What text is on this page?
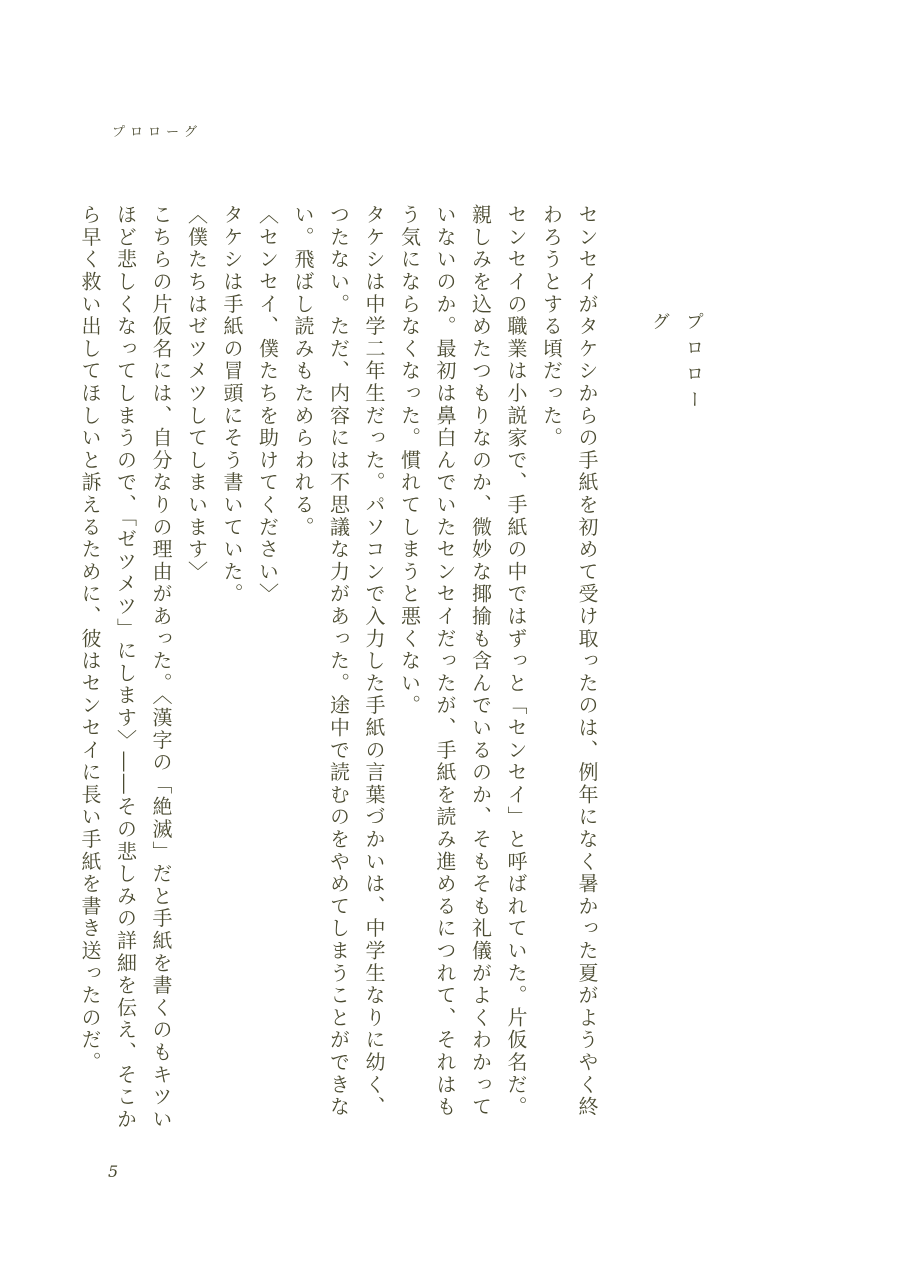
プロローグ
プロローグ

センセイがタケシからの手紙を初めて受け取ったのは、例年になく暑かった夏がようやく終わろうとする頃だった。

センセイの職業は小説家で、手紙の中ではずっと「センセイ」と呼ばれていた。片仮名だ。親しみを込めたつもりなのか、微妙な揶揄も含んでいるのか、そもそも礼儀がよくわかっていないのか。最初は鼻白んでいたセンセイだったが、手紙を読み進めるにつれて、それはもう気にならなくなった。慣れてしまうと悪くない。

タケシは中学二年生だった。パソコンで入力した手紙の言葉づかいは、中学生なりに幼く、つたない。ただ、内容には不思議な力があった。途中で読むのをやめてしまうことができない。飛ばし読みもためらわれる。

〈センセイ、僕たちを助けてください〉

タケシは手紙の冒頭にそう書いていた。

〈僕たちはゼツメツしてしまいます〉

こちらの片仮名には、自分なりの理由があった。〈漢字の「絶滅」だと手紙を書くのもキツいほど悲しくなってしまうので、「ゼツメツ」にします〉――その悲しみの詳細を伝え、そこから早く救い出してほしいと訴えるために、彼はセンセイに長い手紙を書き送ったのだ。

5
